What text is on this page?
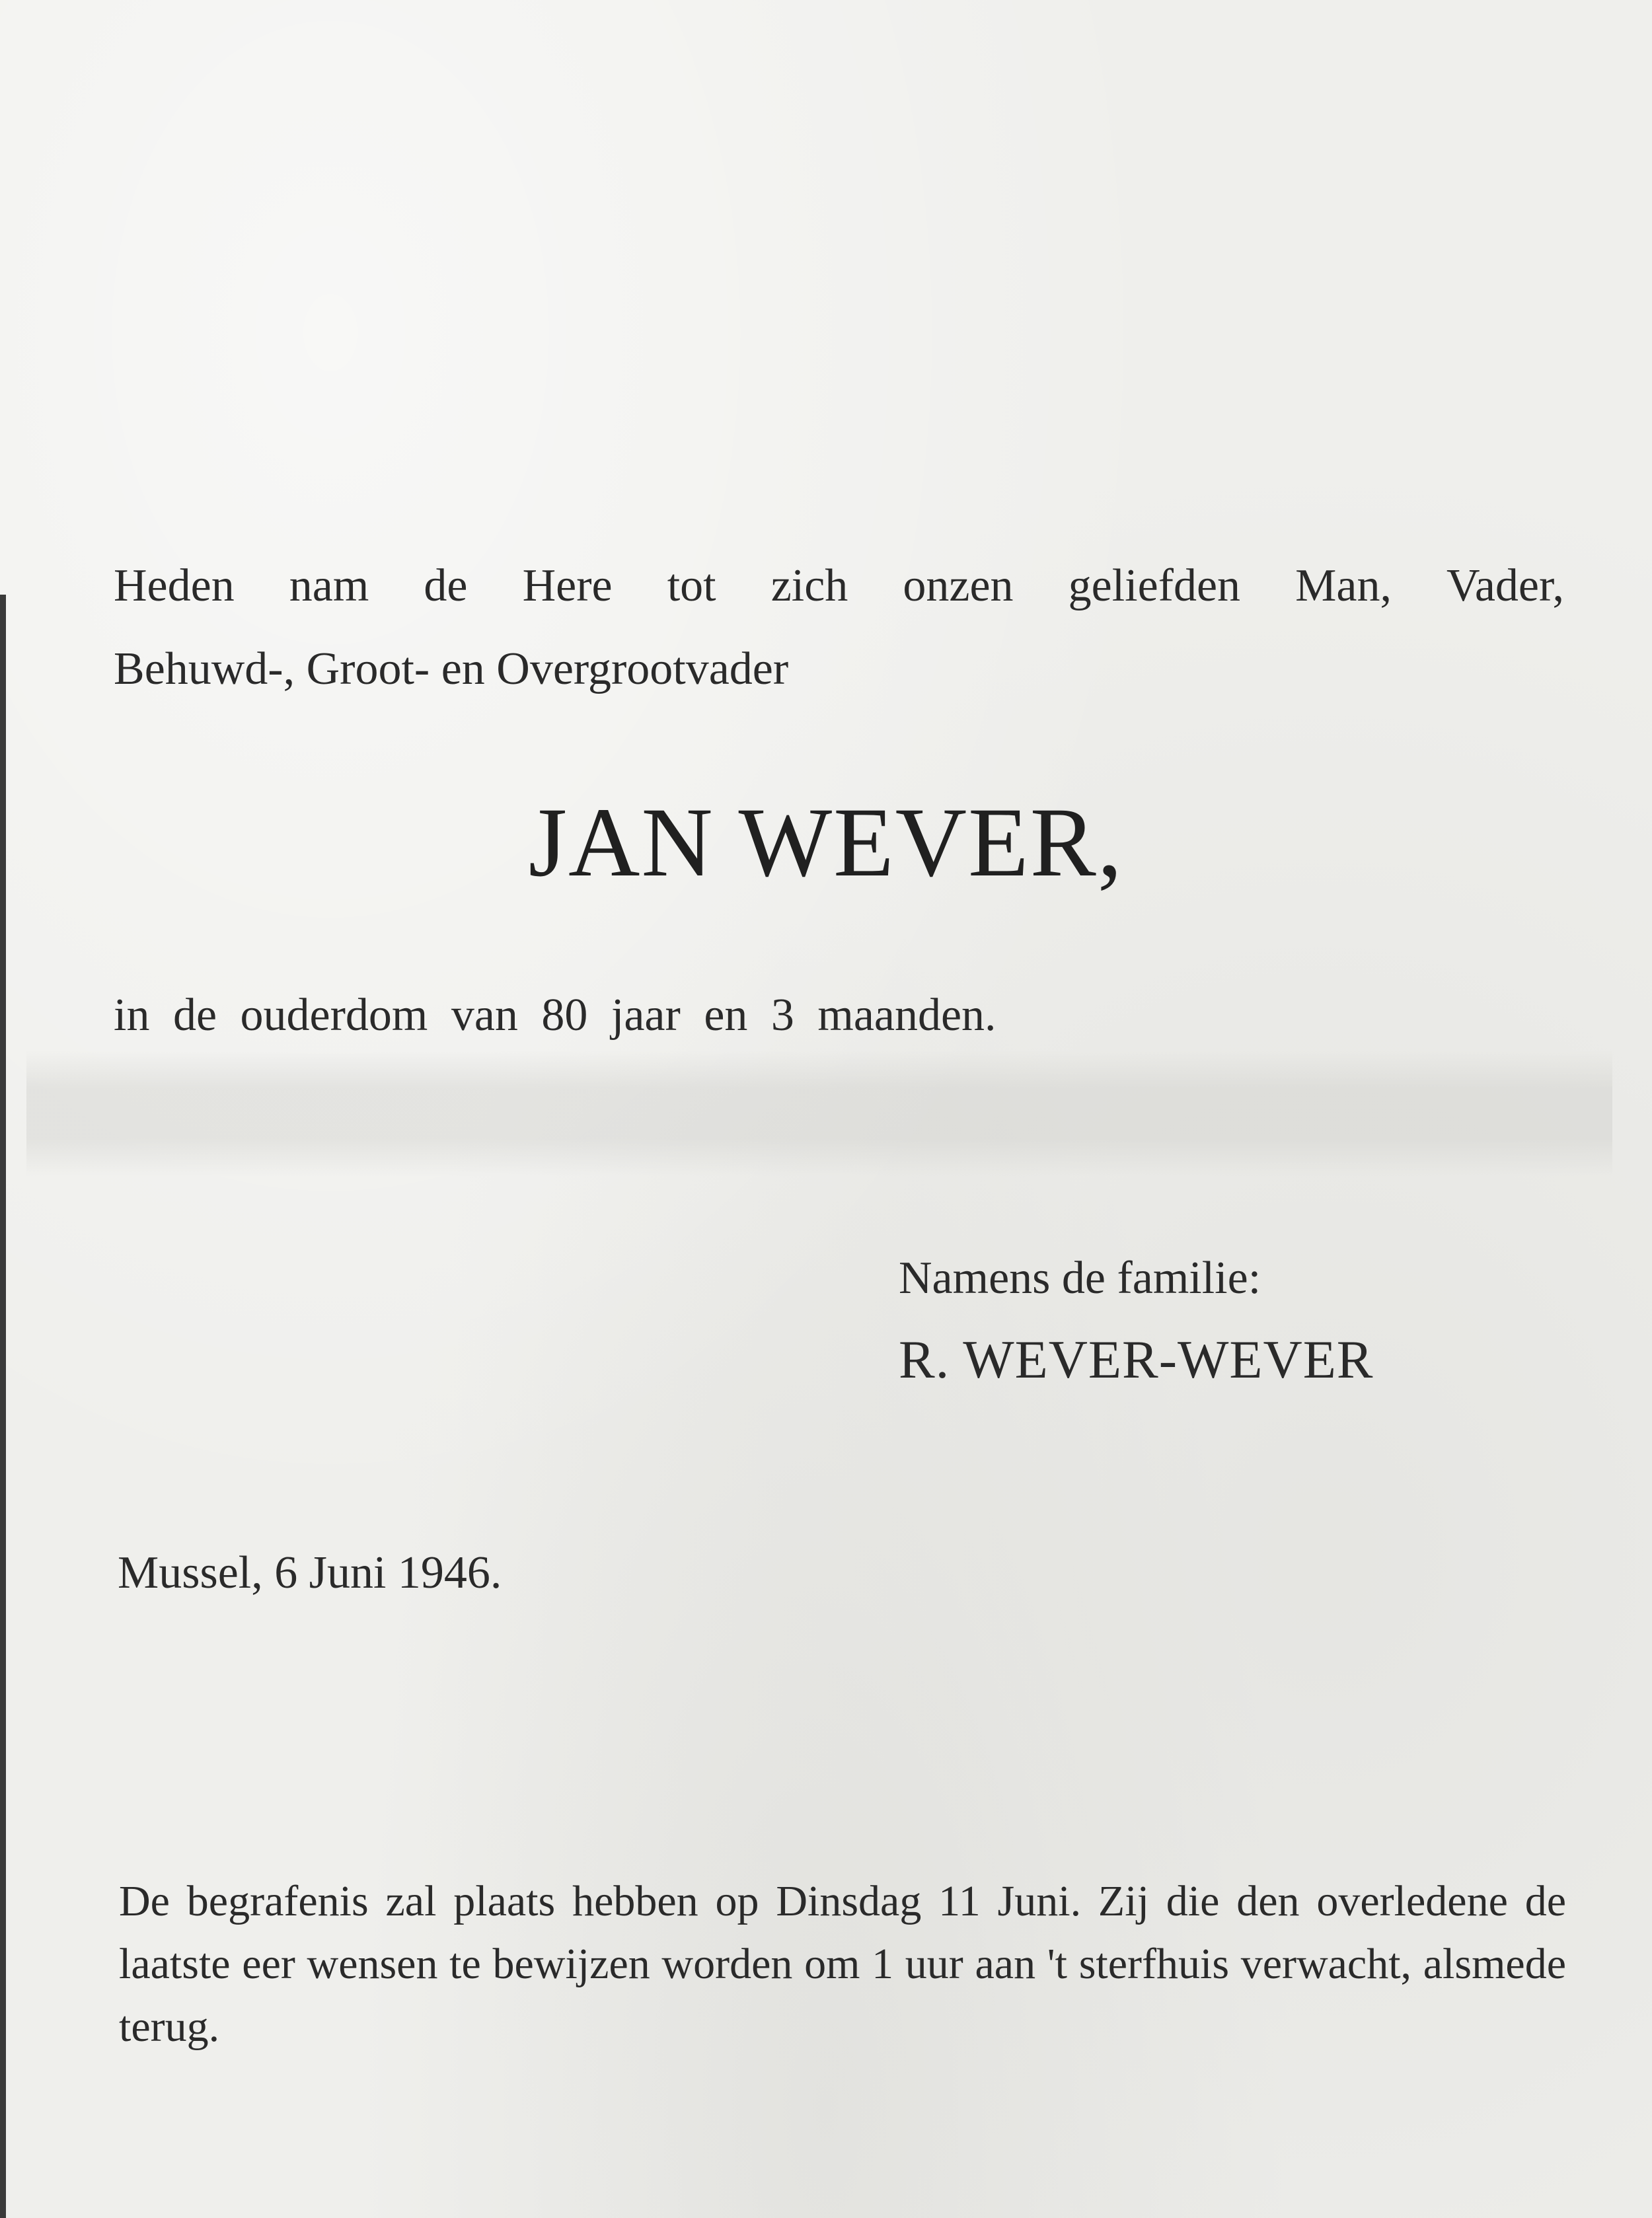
Heden nam de Here tot zich onzen geliefden Man, Vader,
Behuwd-, Groot- en Overgrootvader
JAN WEVER,
in de ouderdom van 80 jaar en 3 maanden.
Namens de familie:
R. WEVER-WEVER
Mussel, 6 Juni 1946.
De begrafenis zal plaats hebben op Dinsdag 11 Juni. Zij die den overledene de laatste eer wensen te bewijzen worden om 1 uur aan 't sterfhuis verwacht, alsmede terug.
